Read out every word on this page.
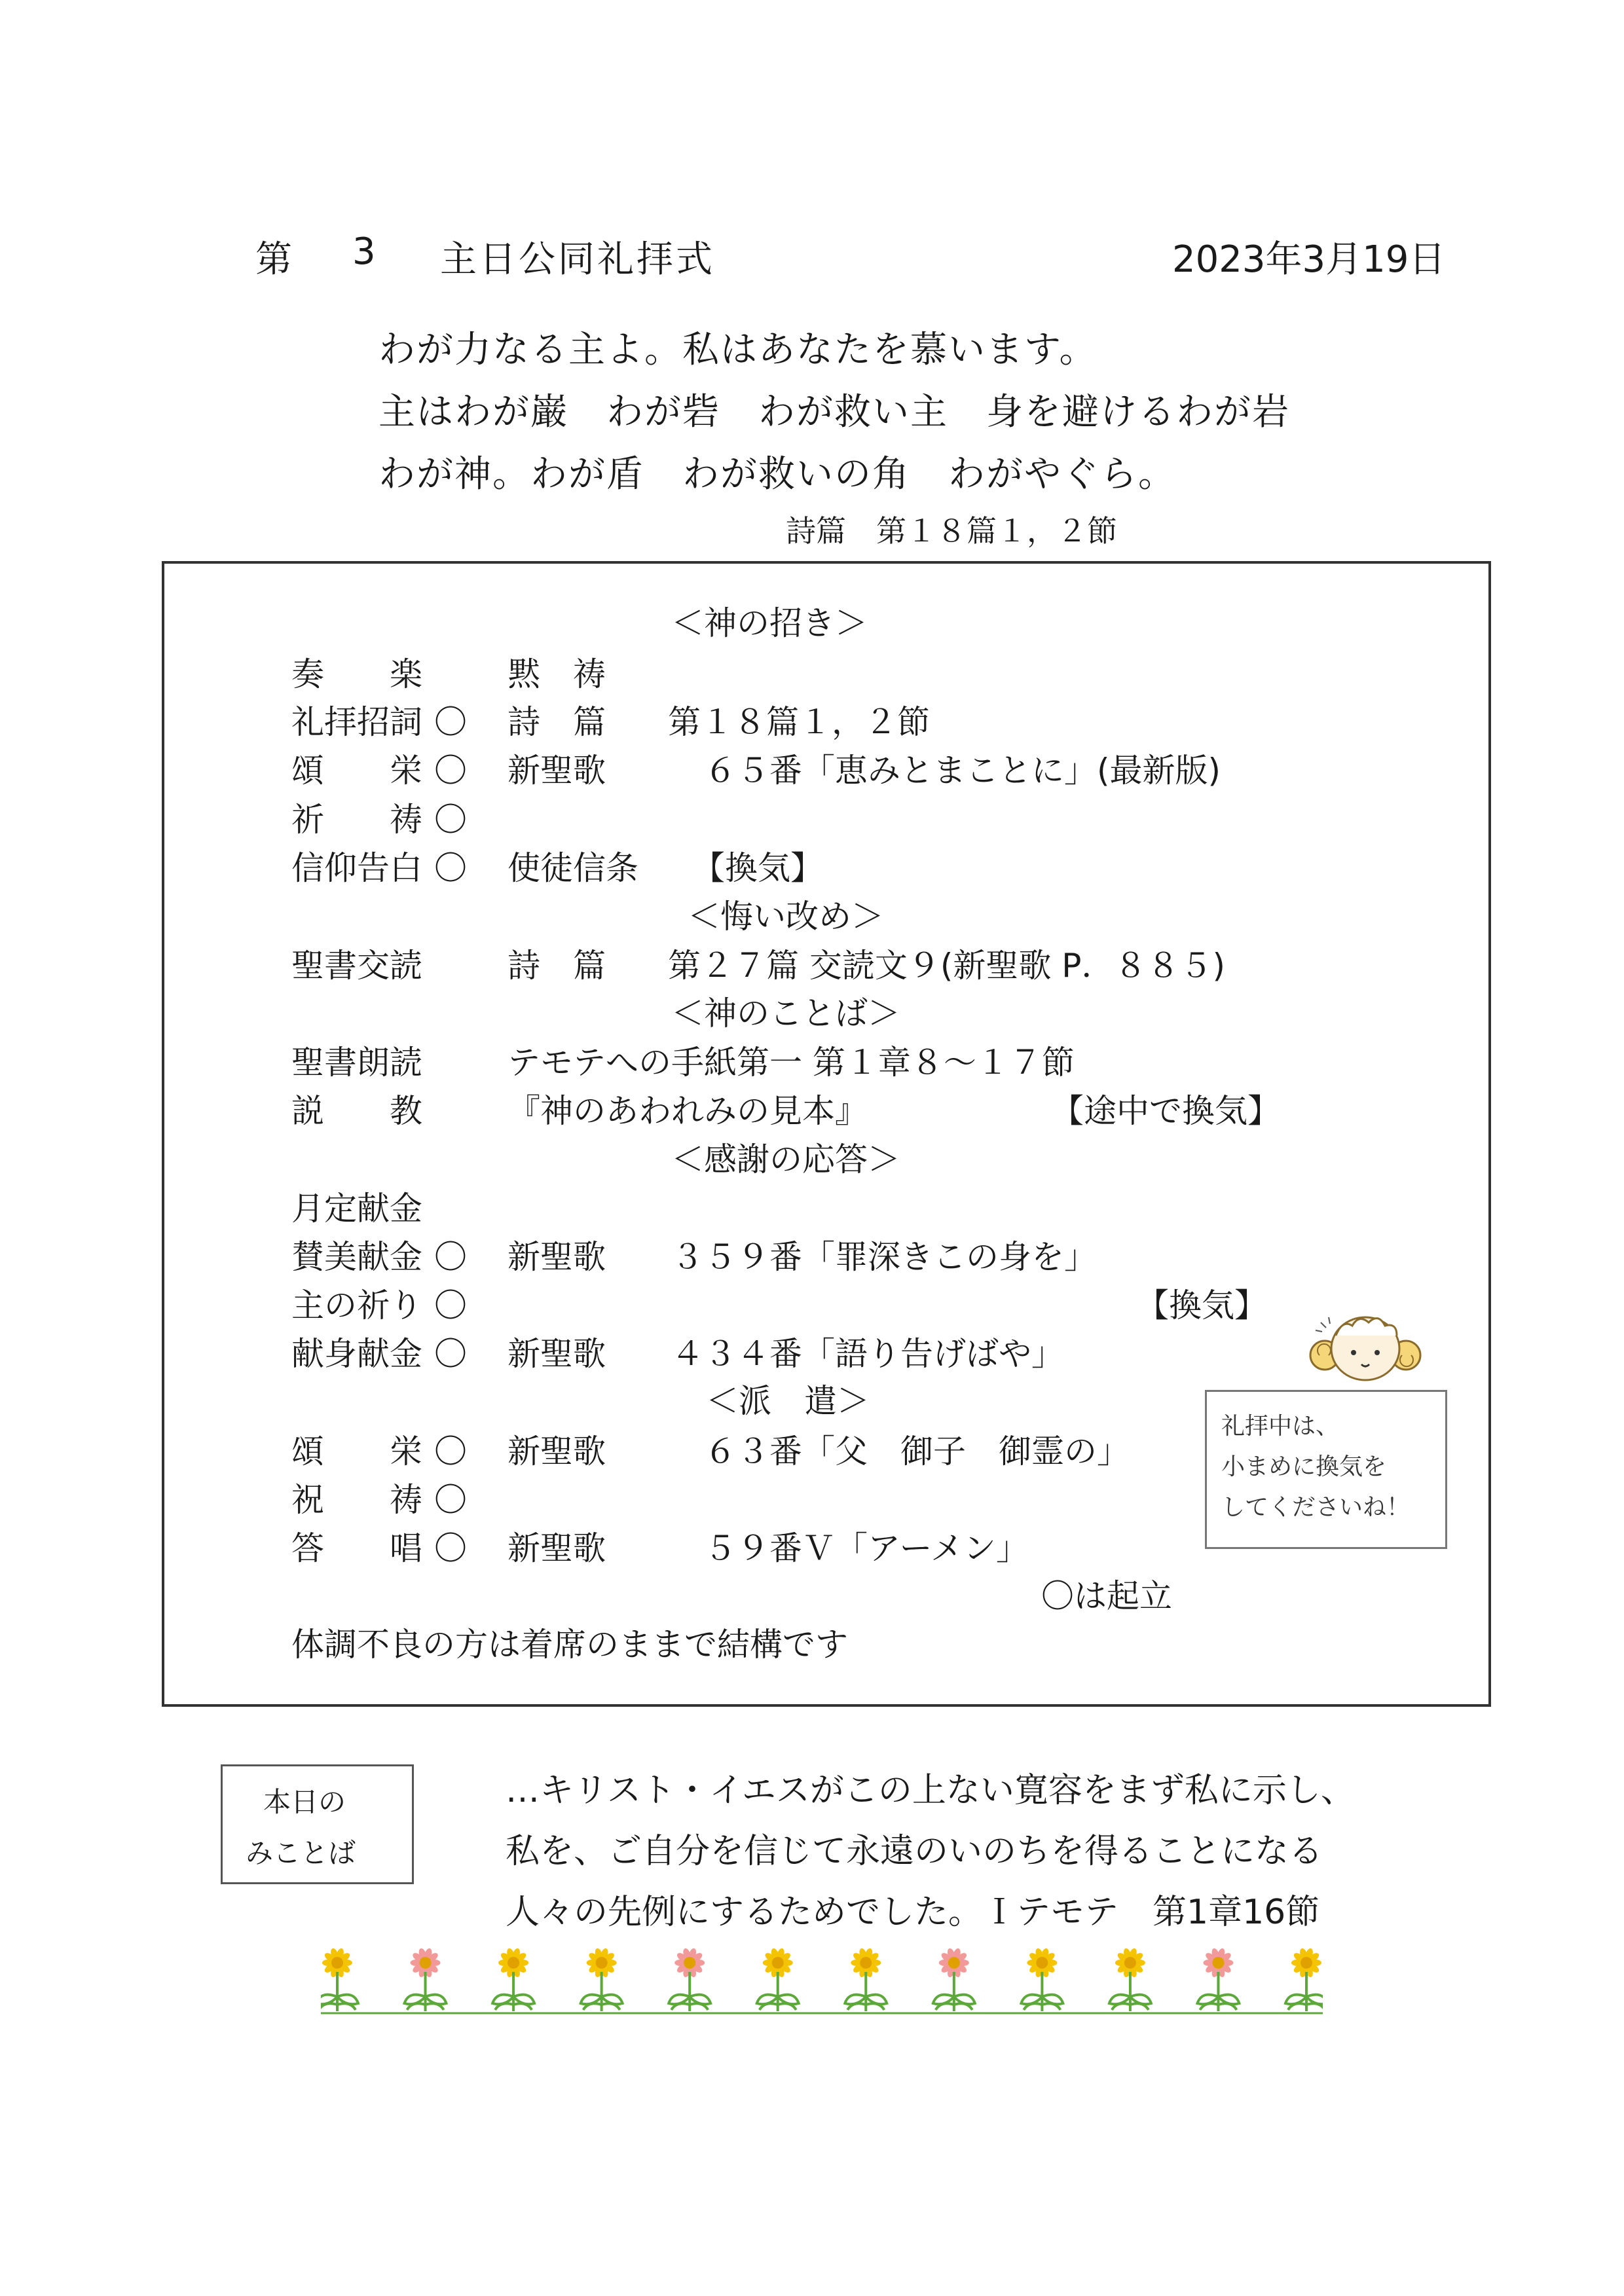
第 3 主日公同礼拝式	2023年3月19日
わが力なる主よ。私はあなたを慕います。
主はわが巌　わが砦　わが救い主　身を避けるわが岩
わが神。わが盾　わが救いの角　わがやぐら。
詩篇　第１８篇１，２節
＜神の招き＞
奏　　楽	黙　祷
礼拝招詞 〇 詩　篇 第１８篇１，２節
頌　　栄 〇 新聖歌	６５番「恵みとまことに」(最新版)
祈　　祷 〇
信仰告白 〇 使徒信条 【換気】
＜悔い改め＞
聖書交読	詩　篇 第２７篇 交読文９(新聖歌 P．８８５)
＜神のことば＞
聖書朗読	テモテへの手紙第一 第１章８～１７節
説　　教	『神のあわれみの見本』	【途中で換気】
＜感謝の応答＞
月定献金
賛美献金 〇 新聖歌 ３５９番「罪深きこの身を」
主の祈り 〇	【換気】
献身献金 〇 新聖歌 ４３４番「語り告げばや」
＜派　遣＞
頌　　栄 〇 新聖歌	６３番「父　御子　御霊の」
祝　　祷 〇
答　　唱 〇 新聖歌	５９番Ｖ「アーメン」
〇は起立
体調不良の方は着席のままで結構です
礼拝中は、
小まめに換気を
してくださいね！
本日の
みことば
…キリスト・イエスがこの上ない寛容をまず私に示し、
私を、ご自分を信じて永遠のいのちを得ることになる
人々の先例にするためでした。Ｉテモテ　第1章16節
